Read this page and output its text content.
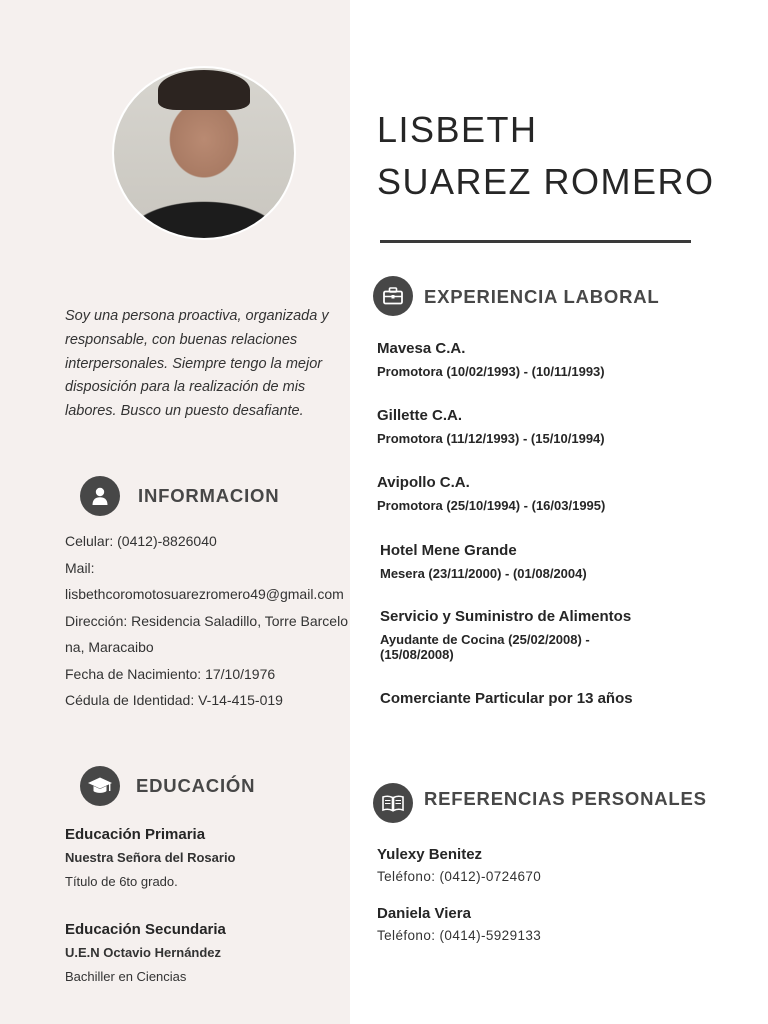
Soy una persona proactiva, organizada y responsable, con buenas relaciones interpersonales. Siempre tengo la mejor disposición para la realización de mis labores. Busco un puesto desafiante.
INFORMACION
Celular: (0412)-8826040
Mail:
lisbethcoromotosuarezromero49@gmail.com
Dirección: Residencia Saladillo, Torre Barcelona, Maracaibo
Fecha de Nacimiento: 17/10/1976
Cédula de Identidad: V-14-415-019
EDUCACIÓN
Educación Primaria
Nuestra Señora del Rosario
Título de 6to grado.
Educación Secundaria
U.E.N Octavio Hernández
Bachiller en Ciencias
LISBETH
SUAREZ ROMERO
EXPERIENCIA LABORAL
Mavesa C.A.
Promotora (10/02/1993) - (10/11/1993)
Gillette C.A.
Promotora (11/12/1993) - (15/10/1994)
Avipollo C.A.
Promotora (25/10/1994) - (16/03/1995)
Hotel Mene Grande
Mesera (23/11/2000) - (01/08/2004)
Servicio y Suministro de Alimentos
Ayudante de Cocina (25/02/2008) - (15/08/2008)
Comerciante Particular por 13 años
REFERENCIAS PERSONALES
Yulexy Benitez
Teléfono: (0412)-0724670
Daniela Viera
Teléfono: (0414)-5929133
